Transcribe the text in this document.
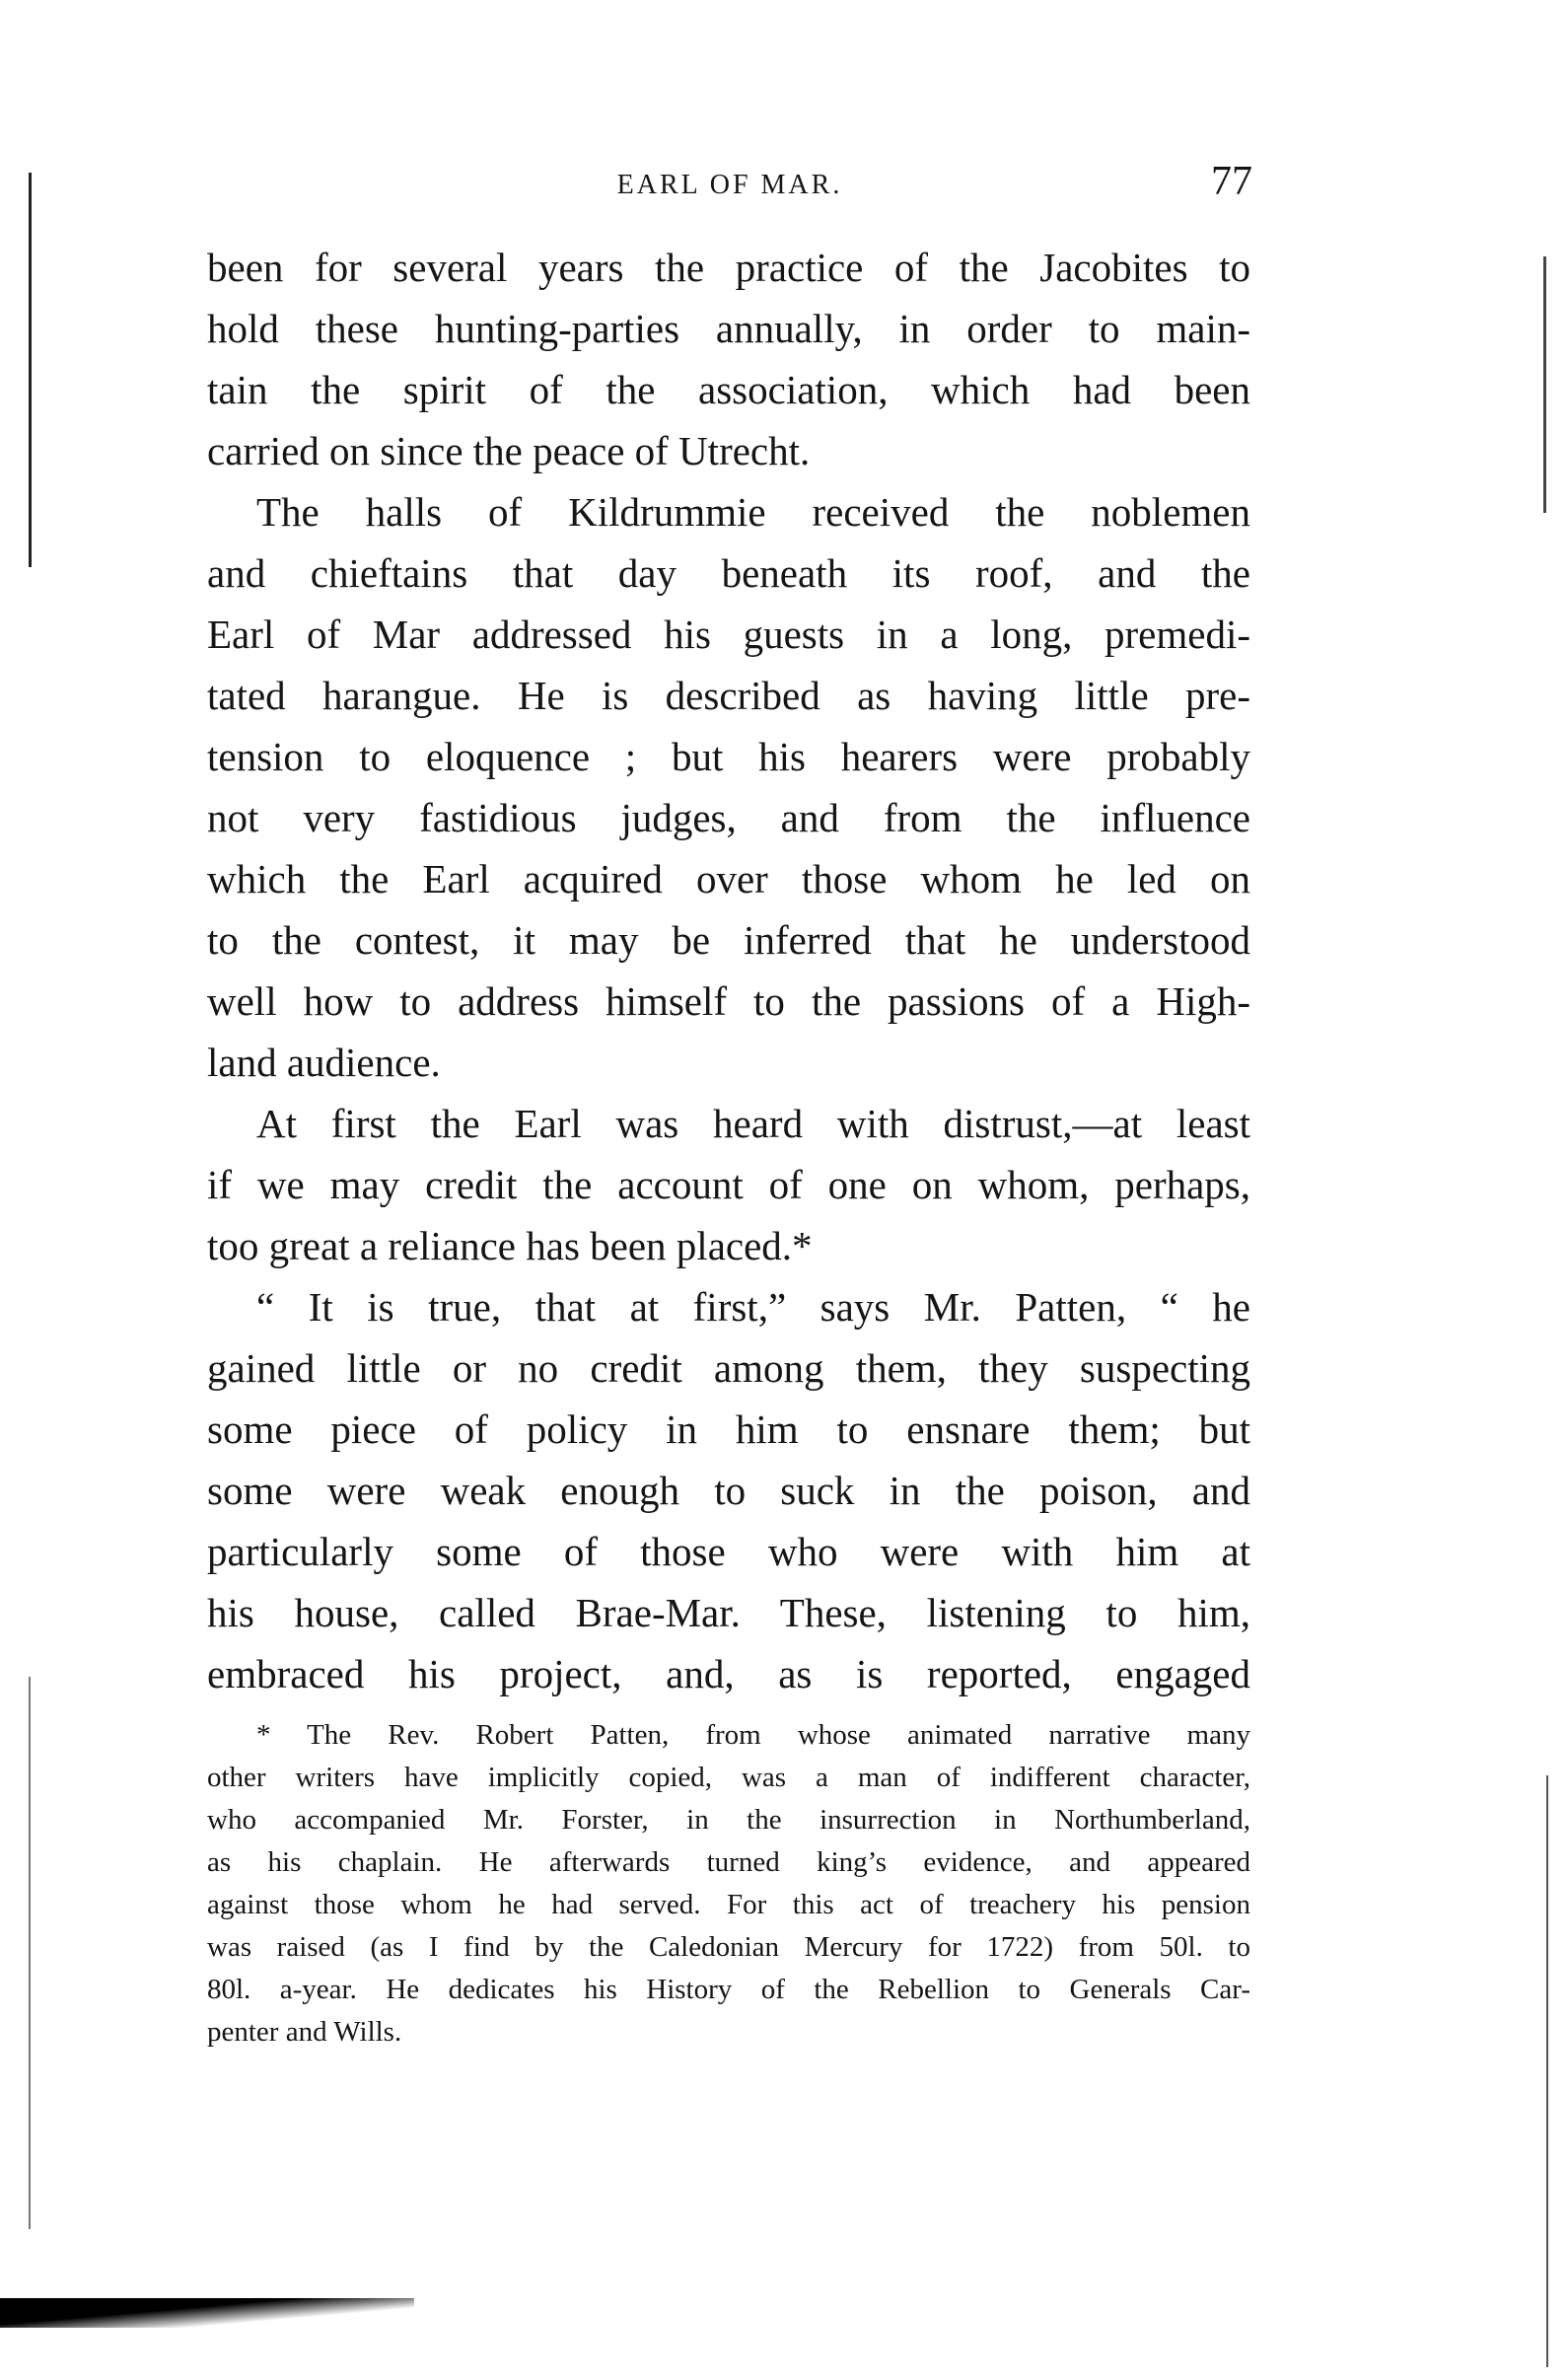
EARL OF MAR.	77
been for several years the practice of the Jacobites to
hold these hunting-parties annually, in order to main-
tain the spirit of the association, which had been
carried on since the peace of Utrecht.
The halls of Kildrummie received the noblemen
and chieftains that day beneath its roof, and the
Earl of Mar addressed his guests in a long, premedi-
tated harangue. He is described as having little pre-
tension to eloquence ; but his hearers were probably
not very fastidious judges, and from the influence
which the Earl acquired over those whom he led on
to the contest, it may be inferred that he understood
well how to address himself to the passions of a High-
land audience.
At first the Earl was heard with distrust,—at least
if we may credit the account of one on whom, perhaps,
too great a reliance has been placed.*
“ It is true, that at first,” says Mr. Patten, “ he
gained little or no credit among them, they suspecting
some piece of policy in him to ensnare them; but
some were weak enough to suck in the poison, and
particularly some of those who were with him at
his house, called Brae-Mar. These, listening to him,
embraced his project, and, as is reported, engaged
* The Rev. Robert Patten, from whose animated narrative many
other writers have implicitly copied, was a man of indifferent character,
who accompanied Mr. Forster, in the insurrection in Northumberland,
as his chaplain. He afterwards turned king’s evidence, and appeared
against those whom he had served. For this act of treachery his pension
was raised (as I find by the Caledonian Mercury for 1722) from 50l. to
80l. a-year. He dedicates his History of the Rebellion to Generals Car-
penter and Wills.
